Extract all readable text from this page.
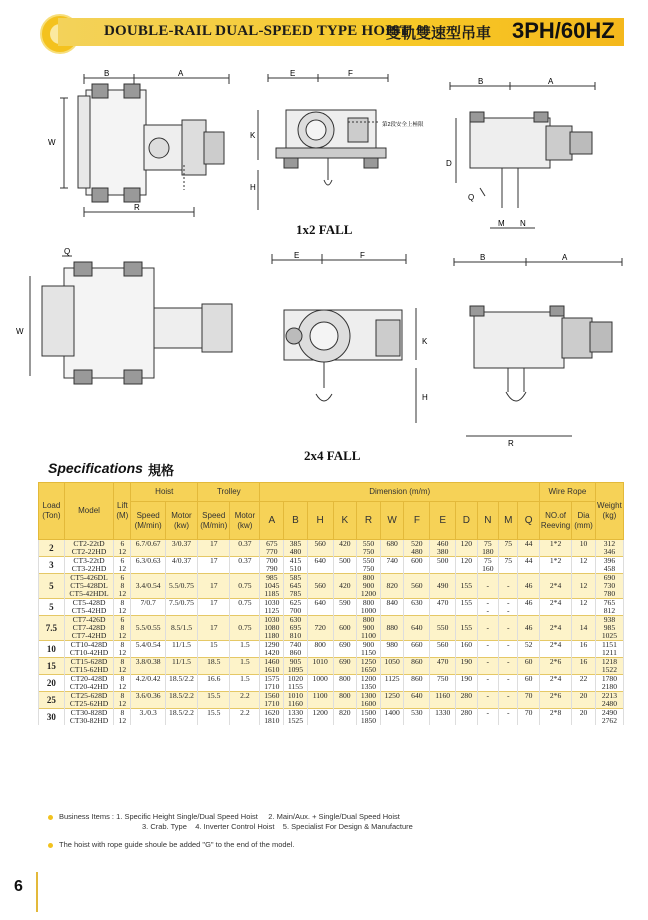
DOUBLE-RAIL DUAL-SPEED TYPE HOIST
雙軌雙速型吊車 3PH/60HZ
B	A
W
R
E	F
K
H
第2段安全上極限
1x2 FALL
B	A
D
Q
M N
Q
W
E	F
K
H
2x4 FALL
B	A
R
Specifications 規格
Load (Ton)	Model	Lift (M)	Hoist		Trolley		Dimension (m/m)												Wire Rope		Weight (kg)
			Speed (M/min)	Motor (kw)	Speed (M/min)	Motor (kw)	A	B	H	K	R	W	F	E	D	N	M	Q	NO.of Reeving	Dia (mm)	
2	CT2-22tD	6	6.7/0.67	3/0.37	17	0.37	675	385	560	420	550	680	520	460	120	75	75	44	1*2	10	312
	CT2-22HD	12					770	480			750		480	380		180					346
3	CT3-22tD	6	6.3/0.63	4/0.37	17	0.37	700	415	640	500	550	740	600	500	120	75	75	44	1*2	12	396
	CT3-22HD	12					790	510			750					160					458
5	CT5-426DL	6					985	585			800										690
	CT5-428DL	8	3.4/0.54	5.5/0.75	17	0.75	1045	645	560	420	900	820	560	490	155	-	-	46	2*4	12	730
	CT5-42HDL	12					1185	785			1200										780
5	CT5-428D	8	7/0.7	7.5/0.75	17	0.75	1030	625	640	590	800	840	630	470	155	-	-	46	2*4	12	765
	CT5-42HD	12					1125	700			1000					-	-				812
7.5	CT7-426D	6					1030	630			800										938
	CT7-428D	8	5.5/0.55	8.5/1.5	17	0.75	1080	695	720	600	900	880	640	550	155	-	-	46	2*4	14	985
	CT7-42HD	12					1180	810			1100										1025
10	CT10-428D	8	5.4/0.54	11/1.5	15	1.5	1290	740	800	690	900	980	660	560	160	-	-	52	2*4	16	1151
	CT10-42HD	12					1420	860			1150										1211
15	CT15-628D	8	3.8/0.38	11/1.5	18.5	1.5	1460	905	1010	690	1250	1050	860	470	190	-	-	60	2*6	16	1218
	CT15-62HD	12					1610	1095			1650										1522
20	CT20-428D	8	4.2/0.42	18.5/2.2	16.6	1.5	1575	1020	1000	800	1200	1125	860	750	190	-	-	60	2*4	22	1780
	CT20-42HD	12					1710	1155			1350										2180
25	CT25-628D	8	3.6/0.36	18.5/2.2	15.5	2.2	1560	1010	1100	800	1300	1250	640	1160	280	-	-	70	2*6	20	2213
	CT25-62HD	12					1710	1160			1600										2480
30	CT30-828D	8	3./0.3	18.5/2.2	15.5	2.2	1620	1330	1200	820	1500	1400	530	1330	280	-	-	70	2*8	20	2490
	CT30-82HD	12					1810	1525			1850										2762
Business Items : 1. Specific Height Single/Dual Speed Hoist 2. Main/Aux. + Single/Dual Speed Hoist
3. Crab. Type 4. Inverter Control Hoist 5. Specialist For Design & Manufacture
The hoist with rope guide shoule be added "G" to the end of the model.
6
